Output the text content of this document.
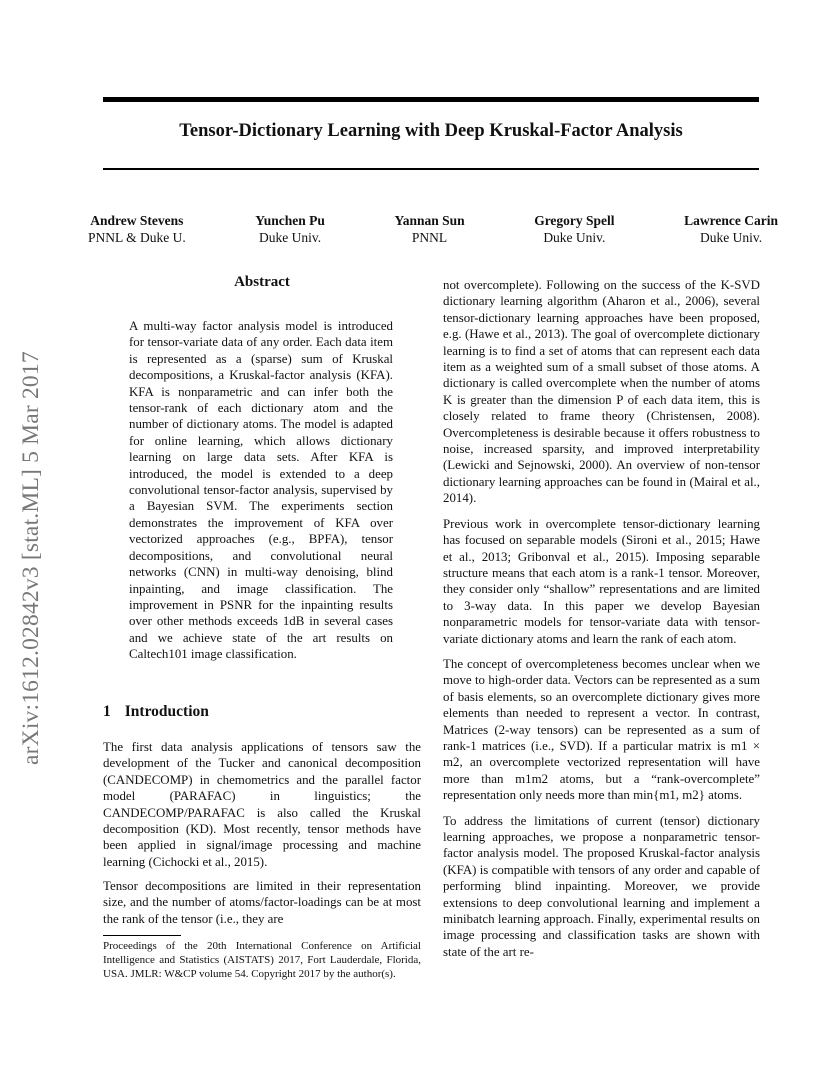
Tensor-Dictionary Learning with Deep Kruskal-Factor Analysis
Andrew Stevens
PNNL & Duke U.
Yunchen Pu
Duke Univ.
Yannan Sun
PNNL
Gregory Spell
Duke Univ.
Lawrence Carin
Duke Univ.
arXiv:1612.02842v3 [stat.ML] 5 Mar 2017
Abstract

A multi-way factor analysis model is introduced for tensor-variate data of any order. Each data item is represented as a (sparse) sum of Kruskal decompositions, a Kruskal-factor analysis (KFA). KFA is nonparametric and can infer both the tensor-rank of each dictionary atom and the number of dictionary atoms. The model is adapted for online learning, which allows dictionary learning on large data sets. After KFA is introduced, the model is extended to a deep convolutional tensor-factor analysis, supervised by a Bayesian SVM. The experiments section demonstrates the improvement of KFA over vectorized approaches (e.g., BPFA), tensor decompositions, and convolutional neural networks (CNN) in multi-way denoising, blind inpainting, and image classification. The improvement in PSNR for the inpainting results over other methods exceeds 1dB in several cases and we achieve state of the art results on Caltech101 image classification.

1 Introduction

The first data analysis applications of tensors saw the development of the Tucker and canonical decomposition (CANDECOMP) in chemometrics and the parallel factor model (PARAFAC) in linguistics; the CANDECOMP/PARAFAC is also called the Kruskal decomposition (KD). Most recently, tensor methods have been applied in signal/image processing and machine learning (Cichocki et al., 2015).

Tensor decompositions are limited in their representation size, and the number of atoms/factor-loadings can be at most the rank of the tensor (i.e., they are

Proceedings of the 20th International Conference on Artificial Intelligence and Statistics (AISTATS) 2017, Fort Lauderdale, Florida, USA. JMLR: W&CP volume 54. Copyright 2017 by the author(s).

not overcomplete). Following on the success of the K-SVD dictionary learning algorithm (Aharon et al., 2006), several tensor-dictionary learning approaches have been proposed, e.g. (Hawe et al., 2013). The goal of overcomplete dictionary learning is to find a set of atoms that can represent each data item as a weighted sum of a small subset of those atoms. A dictionary is called overcomplete when the number of atoms K is greater than the dimension P of each data item, this is closely related to frame theory (Christensen, 2008). Overcompleteness is desirable because it offers robustness to noise, increased sparsity, and improved interpretability (Lewicki and Sejnowski, 2000). An overview of non-tensor dictionary learning approaches can be found in (Mairal et al., 2014).

Previous work in overcomplete tensor-dictionary learning has focused on separable models (Sironi et al., 2015; Hawe et al., 2013; Gribonval et al., 2015). Imposing separable structure means that each atom is a rank-1 tensor. Moreover, they consider only “shallow” representations and are limited to 3-way data. In this paper we develop Bayesian nonparametric models for tensor-variate data with tensor-variate dictionary atoms and learn the rank of each atom.

The concept of overcompleteness becomes unclear when we move to high-order data. Vectors can be represented as a sum of basis elements, so an overcomplete dictionary gives more elements than needed to represent a vector. In contrast, Matrices (2-way tensors) can be represented as a sum of rank-1 matrices (i.e., SVD). If a particular matrix is m1 × m2, an overcomplete vectorized representation will have more than m1m2 atoms, but a “rank-overcomplete” representation only needs more than min{m1, m2} atoms.

To address the limitations of current (tensor) dictionary learning approaches, we propose a nonparametric tensor-factor analysis model. The proposed Kruskal-factor analysis (KFA) is compatible with tensors of any order and capable of performing blind inpainting. Moreover, we provide extensions to deep convolutional learning and implement a minibatch learning approach. Finally, experimental results on image processing and classification tasks are shown with state of the art re-
